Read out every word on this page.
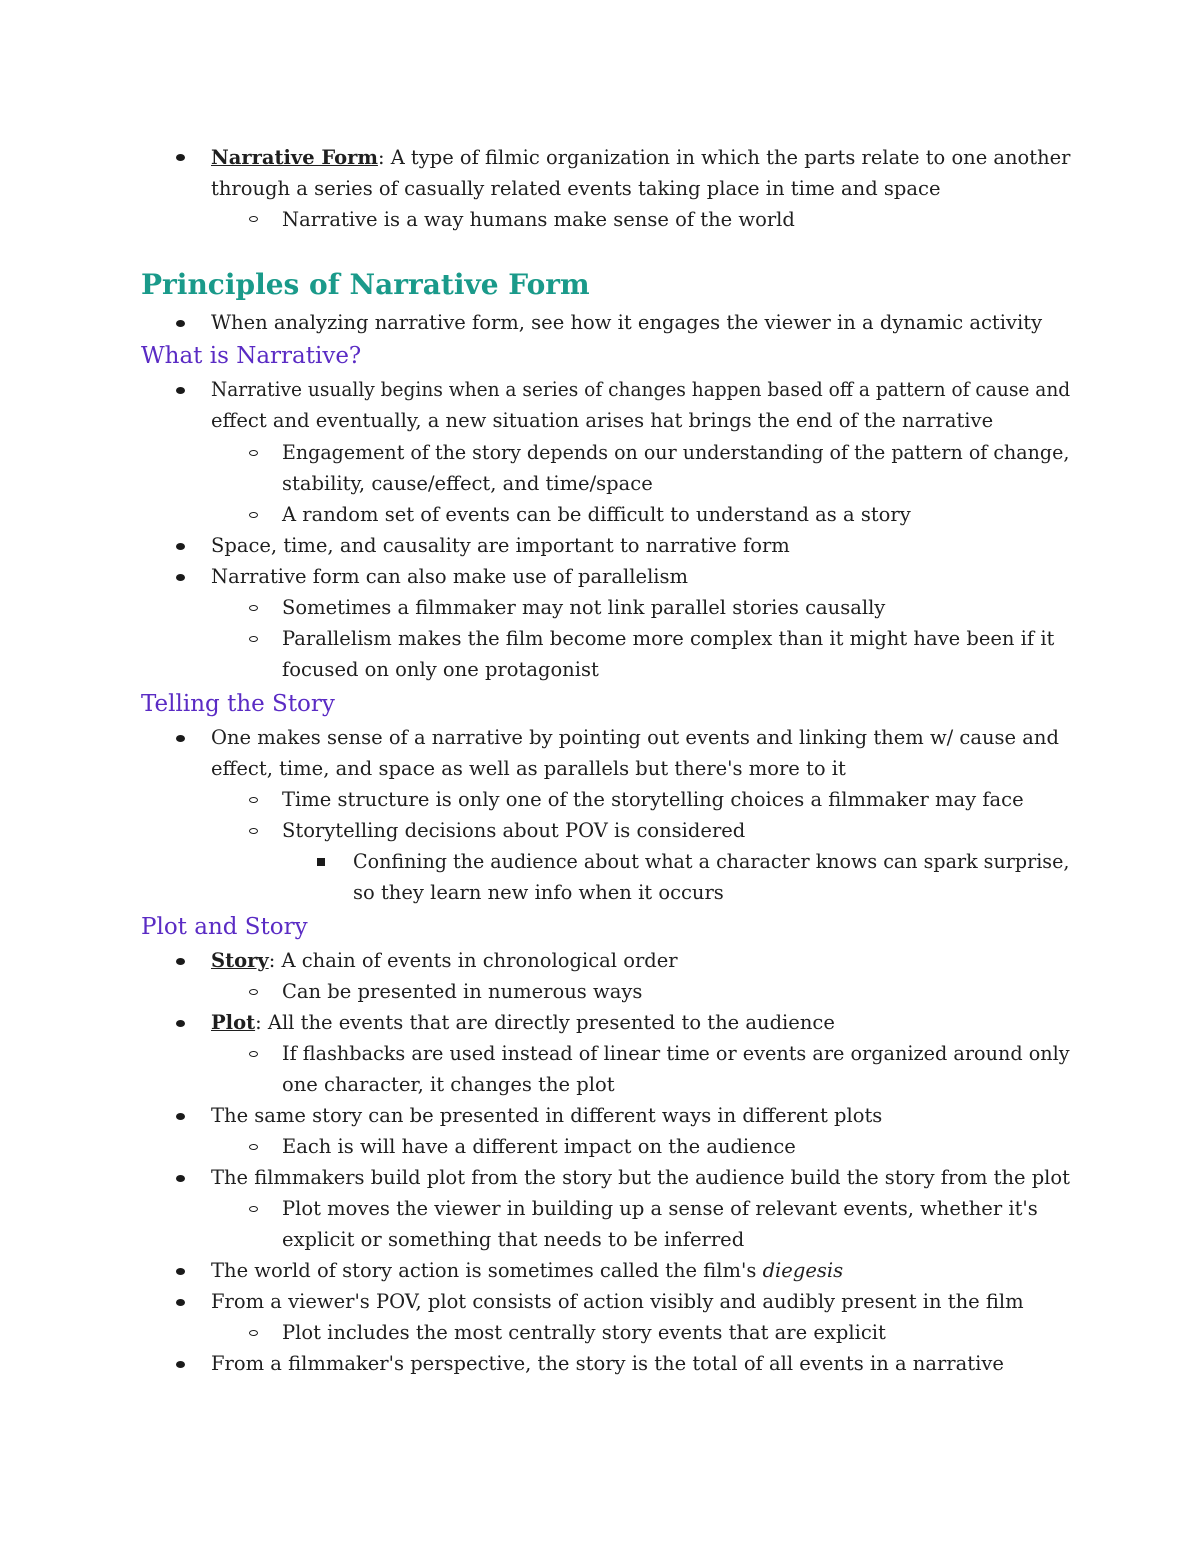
Narrative Form: A type of filmic organization in which the parts relate to one another
through a series of casually related events taking place in time and space
Narrative is a way humans make sense of the world
Principles of Narrative Form
When analyzing narrative form, see how it engages the viewer in a dynamic activity
What is Narrative?
Narrative usually begins when a series of changes happen based off a pattern of cause and
effect and eventually, a new situation arises hat brings the end of the narrative
Engagement of the story depends on our understanding of the pattern of change,
stability, cause/effect, and time/space
A random set of events can be difficult to understand as a story
Space, time, and causality are important to narrative form
Narrative form can also make use of parallelism
Sometimes a filmmaker may not link parallel stories causally
Parallelism makes the film become more complex than it might have been if it
focused on only one protagonist
Telling the Story
One makes sense of a narrative by pointing out events and linking them w/ cause and
effect, time, and space as well as parallels but there's more to it
Time structure is only one of the storytelling choices a filmmaker may face
Storytelling decisions about POV is considered
Confining the audience about what a character knows can spark surprise,
so they learn new info when it occurs
Plot and Story
Story: A chain of events in chronological order
Can be presented in numerous ways
Plot: All the events that are directly presented to the audience
If flashbacks are used instead of linear time or events are organized around only
one character, it changes the plot
The same story can be presented in different ways in different plots
Each is will have a different impact on the audience
The filmmakers build plot from the story but the audience build the story from the plot
Plot moves the viewer in building up a sense of relevant events, whether it's
explicit or something that needs to be inferred
The world of story action is sometimes called the film's diegesis
From a viewer's POV, plot consists of action visibly and audibly present in the film
Plot includes the most centrally story events that are explicit
From a filmmaker's perspective, the story is the total of all events in a narrative
